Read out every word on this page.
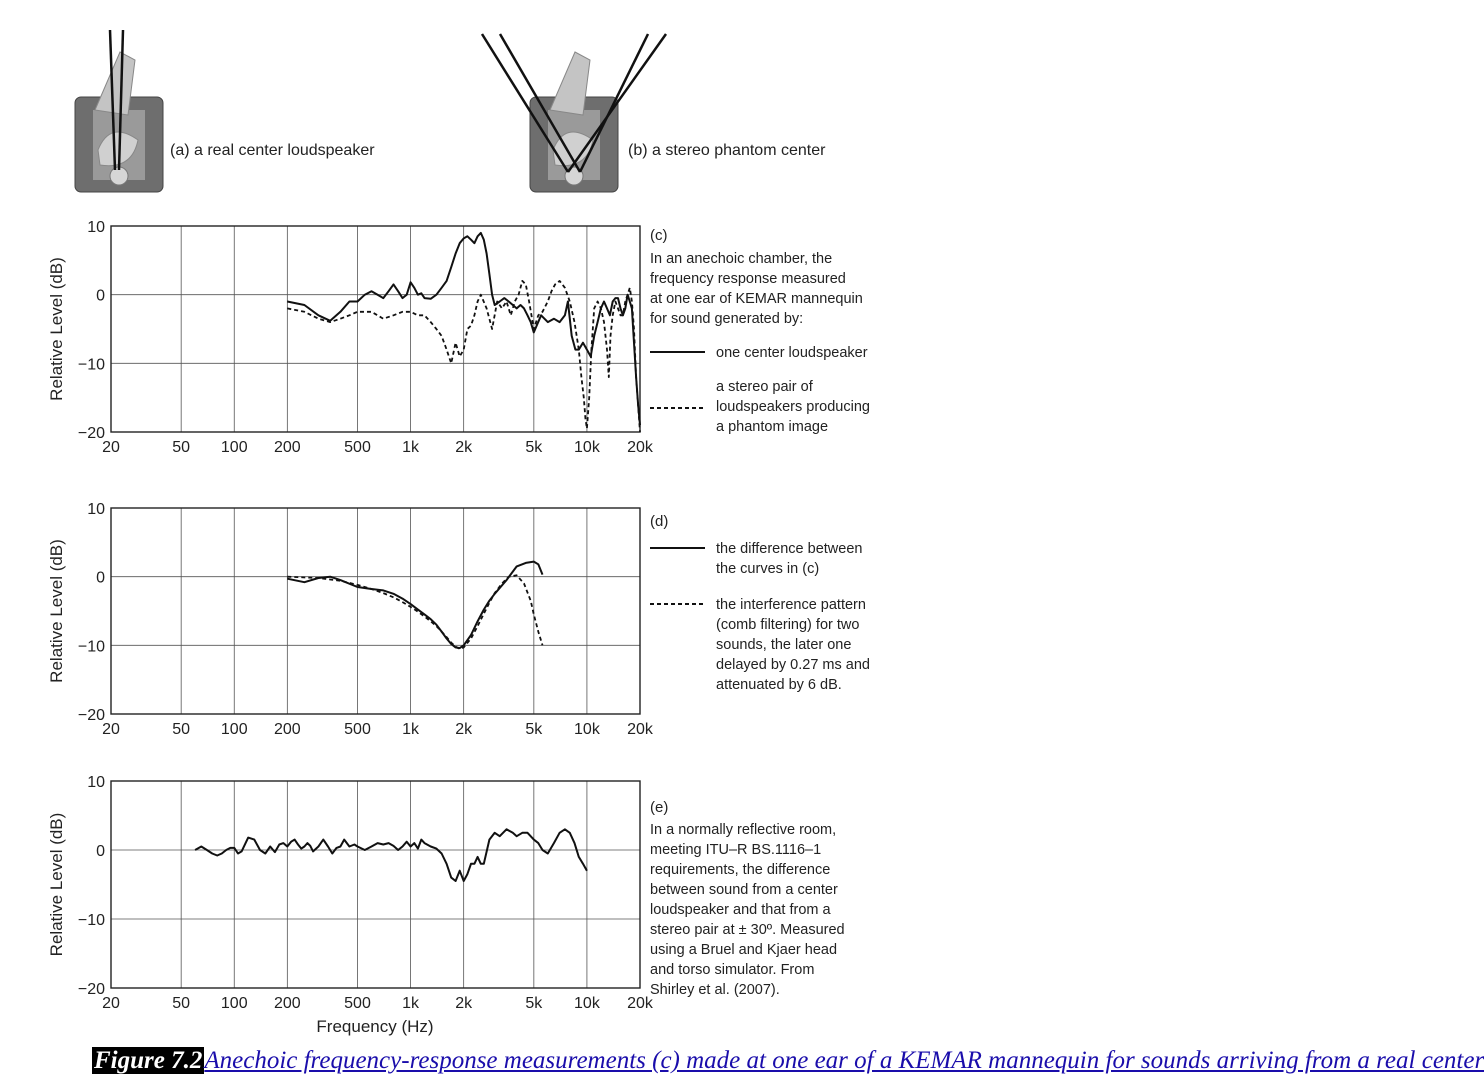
(a) a real center loudspeaker	(b) a stereo phantom center
10
0
−10
−20
20	50 100 200	500 1k 2k	5k 10k 20k
Relative Level (dB)
(c)
In an anechoic chamber, the
frequency response measured
at one ear of KEMAR mannequin
for sound generated by:
one center loudspeaker
a stereo pair of
loudspeakers producing
a phantom image
10
0
−10
−20
20	50 100 200	500 1k 2k	5k 10k 20k
Relative Level (dB)
(d)
the difference between
the curves in (c)
the interference pattern
(comb filtering) for two
sounds, the later one
delayed by 0.27 ms and
attenuated by 6 dB.
10
0
−10
−20
20	50 100 200	500 1k 2k	5k 10k 20k
Relative Level (dB)
(e)
In a normally reflective room,
meeting ITU–R BS.1116–1
requirements, the difference
between sound from a center
loudspeaker and that from a
stereo pair at ± 30º. Measured
using a Bruel and Kjaer head
and torso simulator. From
Shirley et al. (2007).
Frequency (Hz)
Figure 7.2Anechoic frequency-response measurements (c) made at one ear of a KEMAR mannequin for sounds arriving from a real center
